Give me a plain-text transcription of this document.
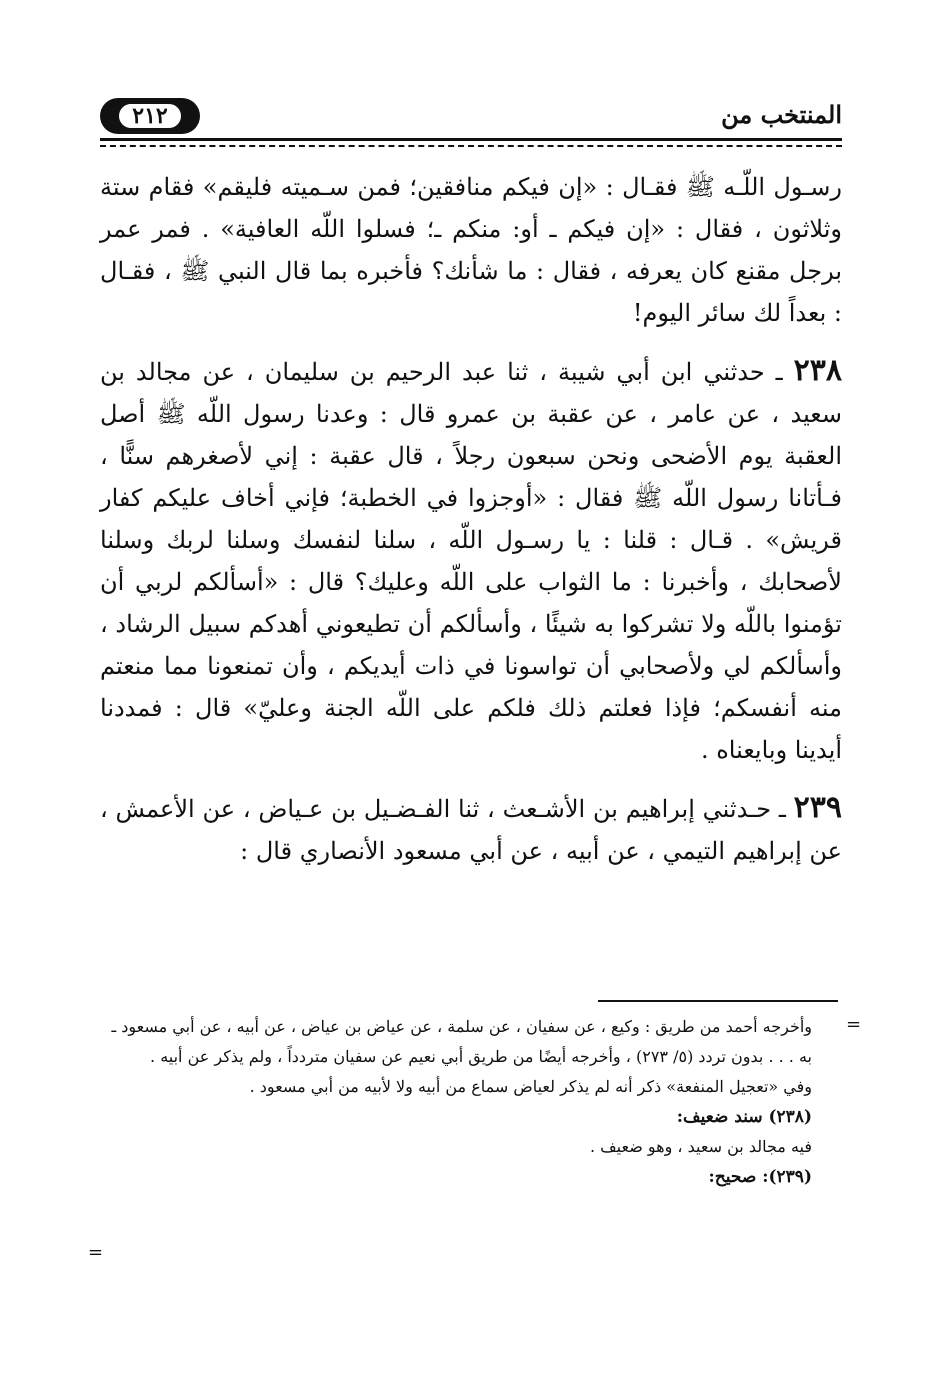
٢١٢	المنتخب من

رسـول اللّـه ﷺ فقـال : «إن فيكم منافقين؛ فمن سـميته فليقم» فقام ستة وثلاثون ، فقال : «إن فيكم ـ أو: منكم ـ؛ فسلوا اللّه العافية» . فمر عمر برجل مقنع كان يعرفه ، فقال : ما شأنك؟ فأخبره بما قال النبي ﷺ ، فقـال : بعداً لك سائر اليوم!

٢٣٨ ـ حدثني ابن أبي شيبة ، ثنا عبد الرحيم بن سليمان ، عن مجالد بن سعيد ، عن عامر ، عن عقبة بن عمرو قال : وعدنا رسول اللّه ﷺ أصل العقبة يوم الأضحى ونحن سبعون رجلاً ، قال عقبة : إني لأصغرهم سنًّا ، فـأتانا رسول اللّه ﷺ فقال : «أوجزوا في الخطبة؛ فإني أخاف عليكم كفار قريش» . قـال : قلنا : يا رسـول اللّه ، سلنا لنفسك وسلنا لربك وسلنا لأصحابك ، وأخبرنا : ما الثواب على اللّه وعليك؟ قال : «أسألكم لربي أن تؤمنوا باللّه ولا تشركوا به شيئًا ، وأسألكم أن تطيعوني أهدكم سبيل الرشاد ، وأسألكم لي ولأصحابي أن تواسونا في ذات أيديكم ، وأن تمنعونا مما منعتم منه أنفسكم؛ فإذا فعلتم ذلك فلكم على اللّه الجنة وعليّ» قال : فمددنا أيدينا وبايعناه .

٢٣٩ ـ حـدثني إبراهيم بن الأشـعث ، ثنا الفـضـيل بن عـياض ، عن الأعمش ، عن إبراهيم التيمي ، عن أبيه ، عن أبي مسعود الأنصاري قال :

=

وأخرجه أحمد من طريق : وكيع ، عن سفيان ، عن سلمة ، عن عياض بن عياض ، عن أبيه ، عن أبي مسعود ـ به . . . بدون تردد (٥/ ٢٧٣) ، وأخرجه أيضًا من طريق أبي نعيم عن سفيان متردداً ، ولم يذكر عن أبيه .

وفي «تعجيل المنفعة» ذكر أنه لم يذكر لعياض سماع من أبيه ولا لأبيه من أبي مسعود .

(٢٣٨) سند ضعيف:

فيه مجالد بن سعيد ، وهو ضعيف .

(٢٣٩): صحيح:

=
